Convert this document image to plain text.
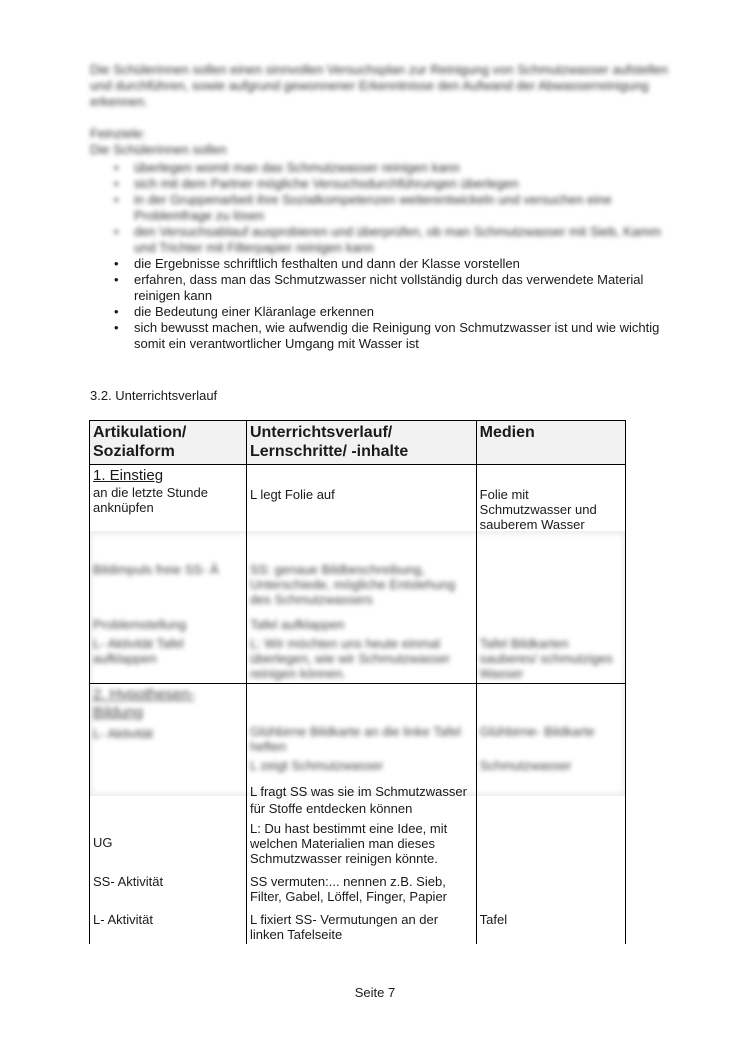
Die Schülerinnen sollen einen sinnvollen Versuchsplan zur Reinigung von Schmutzwasser aufstellen und durchführen, sowie aufgrund gewonnener Erkenntnisse den Aufwand der Abwasserreinigung erkennen.
Feinziele:
Die Schülerinnen sollen
• überlegen womit man das Schmutzwasser reinigen kann
• sich mit dem Partner mögliche Versuchsdurchführungen überlegen
• in der Gruppenarbeit ihre Sozialkompetenzen weiterentwickeln und versuchen eine Problemfrage zu lösen
• den Versuchsablauf ausprobieren und überprüfen, ob man Schmutzwasser mit Sieb, Kamm und Trichter mit Filterpapier reinigen kann
• die Ergebnisse schriftlich festhalten und dann der Klasse vorstellen
• erfahren, dass man das Schmutzwasser nicht vollständig durch das verwendete Material reinigen kann
• die Bedeutung einer Kläranlage erkennen
• sich bewusst machen, wie aufwendig die Reinigung von Schmutzwasser ist und wie wichtig somit ein verantwortlicher Umgang mit Wasser ist
3.2. Unterrichtsverlauf
Artikulation/ Sozialform	Unterrichtsverlauf/ Lernschritte/ -inhalte	Medien

1. Einstieg
an die letzte Stunde anknüpfen	L legt Folie auf	Folie mit Schmutzwasser und sauberem Wasser
Bildimpuls freie SS- Ä	SS: genaue Bildbeschreibung, Unterschiede, mögliche Entstehung des Schmutzwassers	
Problemstellung	Tafel aufklappen	
L- Aktivität Tafel aufklappen	L: Wir möchten uns heute einmal überlegen, wie wir Schmutzwasser reinigen können.	Tafel Bildkarten sauberes/ schmutziges Wasser

2. Hypothesen- Bildung
L- Aktivität	Glühbirne Bildkarte an die linke Tafel heften	Glühbirne- Bildkarte
	L zeigt Schmutzwasser	Schmutzwasser
	L fragt SS was sie im Schmutzwasser für Stoffe entdecken können	
UG	L: Du hast bestimmt eine Idee, mit welchen Materialien man dieses Schmutzwasser reinigen könnte.	
SS- Aktivität	SS vermuten:... nennen z.B. Sieb, Filter, Gabel, Löffel, Finger, Papier	
L- Aktivität	L fixiert SS- Vermutungen an der linken Tafelseite	Tafel
Seite 7
